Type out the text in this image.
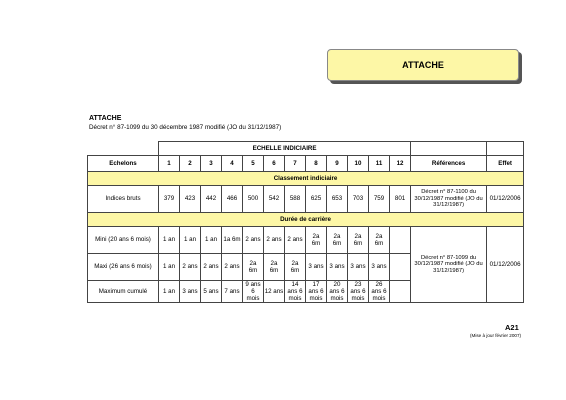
ATTACHE
ATTACHE
Décret n° 87-1099 du 30 décembre 1987 modifié (JO du 31/12/1987)
	ECHELLE INDICIAIRE													
Echelons	1	2	3	4	5	6	7	8	9	10	11	12	Références	Effet
Classement indiciaire														
Indices bruts	379	423	442	466	500	542	588	625	653	703	759	801	Décret n° 87-1100 du 30/12/1987 modifié (JO du 31/12/1987)	01/12/2006
Durée de carrière														
Mini (20 ans 6 mois)	1 an	1 an	1 an	1a 6m	2 ans	2 ans	2 ans	2a 6m	2a 6m	2a 6m	2a 6m		Décret n° 87-1099 du 30/12/1987 modifié (JO du 31/12/1987)	01/12/2006
Maxi (26 ans 6 mois)	1 an	2 ans	2 ans	2 ans	2a 6m	2a 6m	2a 6m	3 ans	3 ans	3 ans	3 ans			
Maximum cumulé	1 an	3 ans	5 ans	7 ans	9 ans 6 mois	12 ans	14 ans 6 mois	17 ans 6 mois	20 ans 6 mois	23 ans 6 mois	26 ans 6 mois			
A21
(Mise à jour février 2007)
